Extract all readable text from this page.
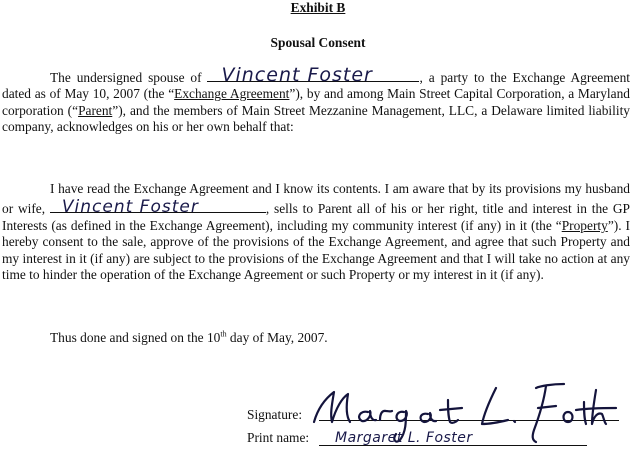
Exhibit B
Spousal Consent

The undersigned spouse of Vincent Foster	, a party to the Exchange Agreement dated as of May 10, 2007 (the “Exchange Agreement”), by and among Main Street Capital Corporation, a Maryland corporation (“Parent”), and the members of Main Street Mezzanine Management, LLC, a Delaware limited liability company, acknowledges on his or her own behalf that:

I have read the Exchange Agreement and I know its contents. I am aware that by its provisions my husband or wife, Vincent Foster	, sells to Parent all of his or her right, title and interest in the GP Interests (as defined in the Exchange Agreement), including my community interest (if any) in it (the “Property”). I hereby consent to the sale, approve of the provisions of the Exchange Agreement, and agree that such Property and my interest in it (if any) are subject to the provisions of the Exchange Agreement and that I will take no action at any time to hinder the operation of the Exchange Agreement or such Property or my interest in it (if any).

Thus done and signed on the 10th day of May, 2007.

Signature:
Print name: Margaret L. Foster
